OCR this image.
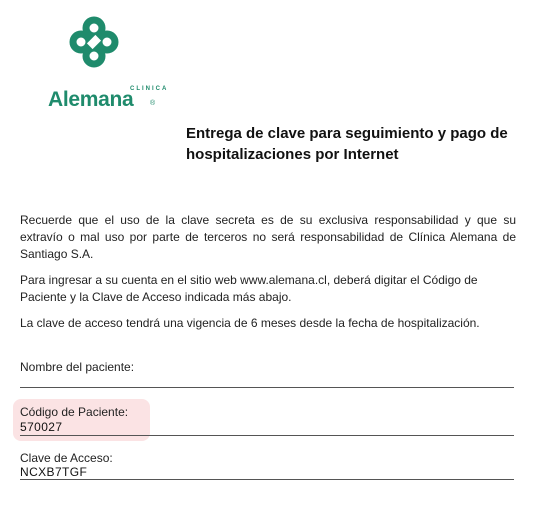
CLINICA
Alemana ®
Entrega de clave para seguimiento y pago de hospitalizaciones por Internet
Recuerde que el uso de la clave secreta es de su exclusiva responsabilidad y que su extravío o mal uso por parte de terceros no será responsabilidad de Clínica Alemana de Santiago S.A.
Para ingresar a su cuenta en el sitio web www.alemana.cl, deberá digitar el Código de Paciente y la Clave de Acceso indicada más abajo.
La clave de acceso tendrá una vigencia de 6 meses desde la fecha de hospitalización.
Nombre del paciente:
Código de Paciente:
570027
Clave de Acceso:
NCXB7TGF
